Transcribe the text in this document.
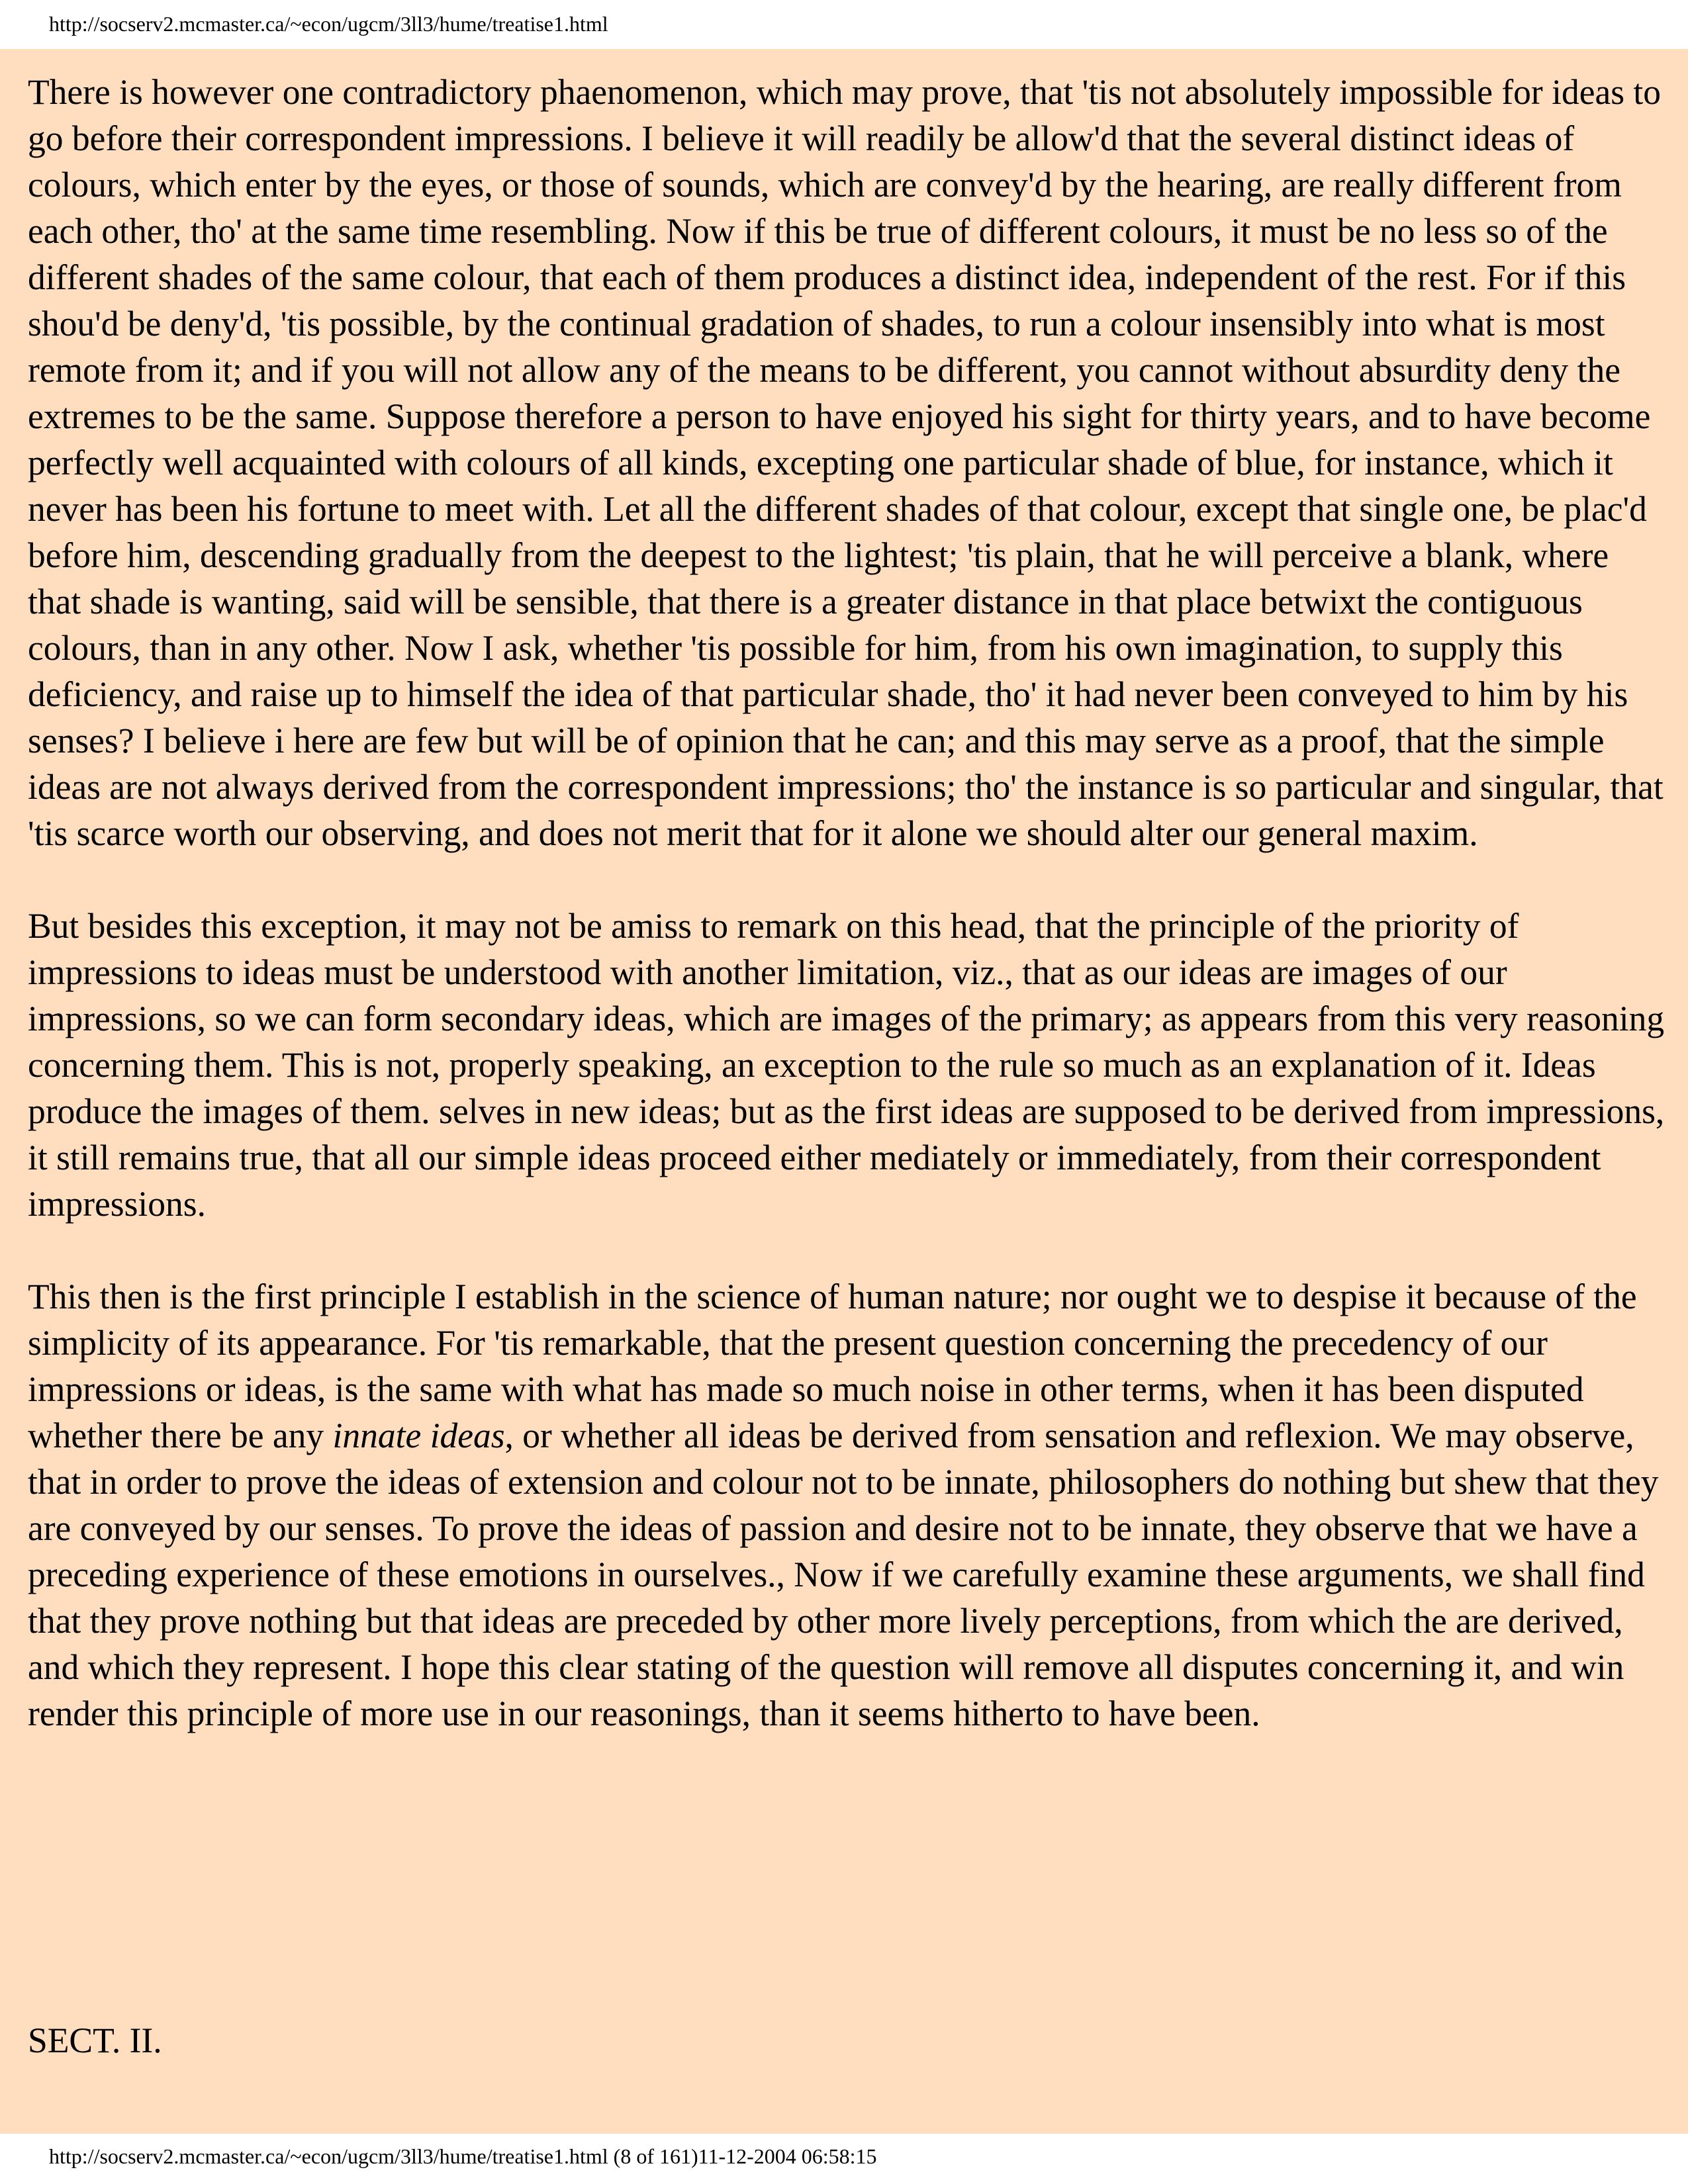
http://socserv2.mcmaster.ca/~econ/ugcm/3ll3/hume/treatise1.html

There is however one contradictory phaenomenon, which may prove, that 'tis not absolutely impossible for ideas to go before their correspondent impressions. I believe it will readily be allow'd that the several distinct ideas of colours, which enter by the eyes, or those of sounds, which are convey'd by the hearing, are really different from each other, tho' at the same time resembling. Now if this be true of different colours, it must be no less so of the different shades of the same colour, that each of them produces a distinct idea, independent of the rest. For if this shou'd be deny'd, 'tis possible, by the continual gradation of shades, to run a colour insensibly into what is most remote from it; and if you will not allow any of the means to be different, you cannot without absurdity deny the extremes to be the same. Suppose therefore a person to have enjoyed his sight for thirty years, and to have become perfectly well acquainted with colours of all kinds, excepting one particular shade of blue, for instance, which it never has been his fortune to meet with. Let all the different shades of that colour, except that single one, be plac'd before him, descending gradually from the deepest to the lightest; 'tis plain, that he will perceive a blank, where that shade is wanting, said will be sensible, that there is a greater distance in that place betwixt the contiguous colours, than in any other. Now I ask, whether 'tis possible for him, from his own imagination, to supply this deficiency, and raise up to himself the idea of that particular shade, tho' it had never been conveyed to him by his senses? I believe i here are few but will be of opinion that he can; and this may serve as a proof, that the simple ideas are not always derived from the correspondent impressions; tho' the instance is so particular and singular, that 'tis scarce worth our observing, and does not merit that for it alone we should alter our general maxim.

But besides this exception, it may not be amiss to remark on this head, that the principle of the priority of impressions to ideas must be understood with another limitation, viz., that as our ideas are images of our impressions, so we can form secondary ideas, which are images of the primary; as appears from this very reasoning concerning them. This is not, properly speaking, an exception to the rule so much as an explanation of it. Ideas produce the images of them. selves in new ideas; but as the first ideas are supposed to be derived from impressions, it still remains true, that all our simple ideas proceed either mediately or immediately, from their correspondent impressions.

This then is the first principle I establish in the science of human nature; nor ought we to despise it because of the simplicity of its appearance. For 'tis remarkable, that the present question concerning the precedency of our impressions or ideas, is the same with what has made so much noise in other terms, when it has been disputed whether there be any innate ideas, or whether all ideas be derived from sensation and reflexion. We may observe, that in order to prove the ideas of extension and colour not to be innate, philosophers do nothing but shew that they are conveyed by our senses. To prove the ideas of passion and desire not to be innate, they observe that we have a preceding experience of these emotions in ourselves., Now if we carefully examine these arguments, we shall find that they prove nothing but that ideas are preceded by other more lively perceptions, from which the are derived, and which they represent. I hope this clear stating of the question will remove all disputes concerning it, and win render this principle of more use in our reasonings, than it seems hitherto to have been.

SECT. II.
http://socserv2.mcmaster.ca/~econ/ugcm/3ll3/hume/treatise1.html (8 of 161)11-12-2004 06:58:15
